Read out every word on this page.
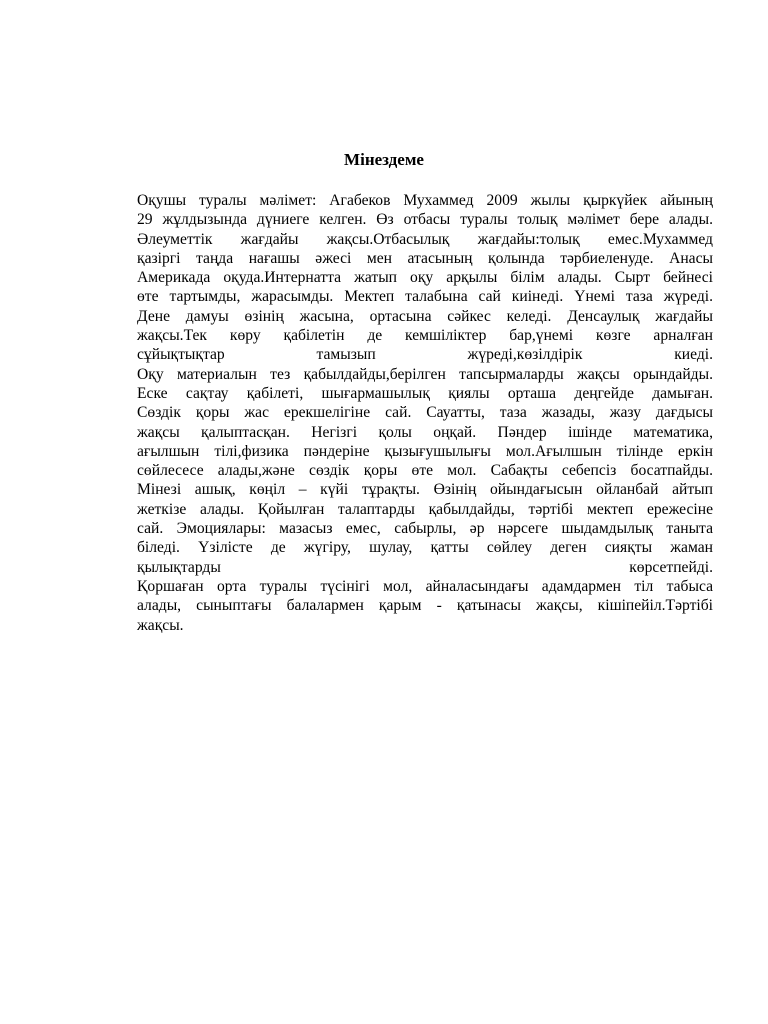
Мінездеме
Оқушы туралы мәлімет: Агабеков Мухаммед 2009 жылы қыркүйек айының
29 жұлдызында дүниеге келген. Өз отбасы туралы толық мәлімет бере алады.
Әлеуметтік жағдайы жақсы.Отбасылық жағдайы:толық емес.Мухаммед
қазіргі таңда нағашы әжесі мен атасының қолында тәрбиеленуде. Анасы
Америкада оқуда.Интернатта жатып оқу арқылы білім алады. Сырт бейнесі
өте тартымды, жарасымды. Мектеп талабына сай киінеді. Үнемі таза жүреді.
Дене дамуы өзінің жасына, ортасына сәйкес келеді. Денсаулық жағдайы
жақсы.Тек көру қабілетін де кемшіліктер бар,үнемі көзге арналған
сұйықтықтар тамызып жүреді,көзілдірік киеді.
Оқу материалын тез қабылдайды,берілген тапсырмаларды жақсы орындайды.
Еске сақтау қабілеті, шығармашылық қиялы орташа деңгейде дамыған.
Сөздік қоры жас ерекшелігіне сай. Сауатты, таза жазады, жазу дағдысы
жақсы қалыптасқан. Негізгі қолы оңқай. Пәндер ішінде математика,
ағылшын тілі,физика пәндеріне қызығушылығы мол.Ағылшын тілінде еркін
сөйлесесе алады,және сөздік қоры өте мол. Сабақты себепсіз босатпайды.
Мінезі ашық, көңіл – күйі тұрақты. Өзінің ойындағысын ойланбай айтып
жеткізе алады. Қойылған талаптарды қабылдайды, тәртібі мектеп ережесіне
сай. Эмоциялары: мазасыз емес, сабырлы, әр нәрсеге шыдамдылық таныта
біледі. Үзілісте де жүгіру, шулау, қатты сөйлеу деген сияқты жаман
қылықтарды көрсетпейді.
Қоршаған орта туралы түсінігі мол, айналасындағы адамдармен тіл табыса
алады, сыныптағы балалармен қарым - қатынасы жақсы, кішіпейіл.Тәртібі
жақсы.
